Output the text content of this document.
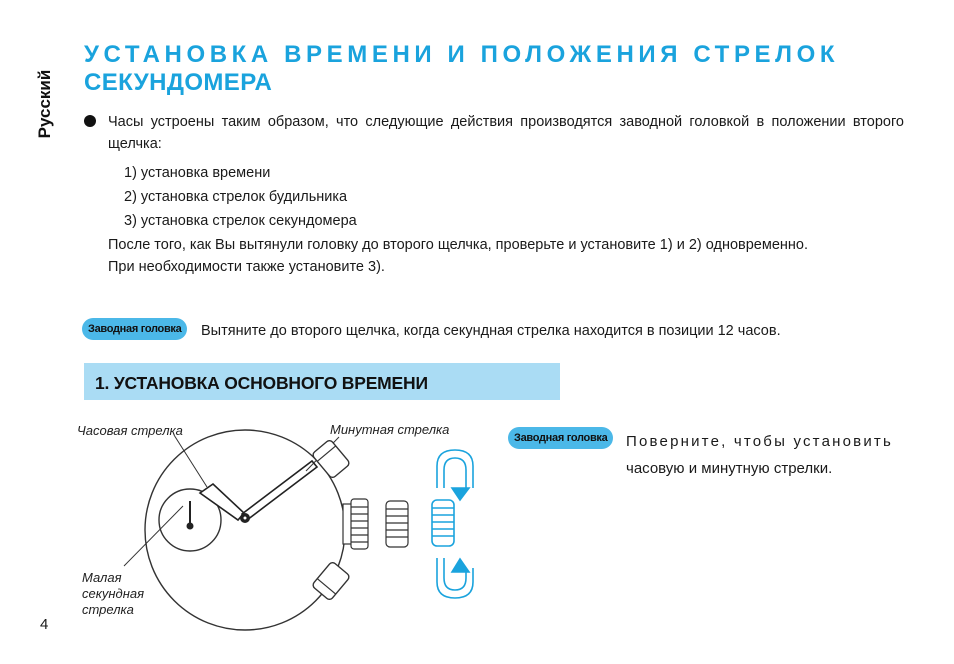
Русский
УСТАНОВКА ВРЕМЕНИ И ПОЛОЖЕНИЯ СТРЕЛОК
СЕКУНДОМЕРА
Часы устроены таким образом, что следующие действия производятся заводной головкой в положении второго щелчка:
1) установка времени
2) установка стрелок будильника
3) установка стрелок секундомера
После того, как Вы вытянули головку до второго щелчка, проверьте и установите 1) и 2) одновременно.
При необходимости также установите 3).
Заводная головка	Вытяните до второго щелчка, когда секундная стрелка находится в позиции 12 часов.
1. УСТАНОВКА ОСНОВНОГО ВРЕМЕНИ
Часовая стрелка	Минутная стрелка
Малая
секундная
стрелка
Заводная головка	Поверните, чтобы установить
часовую и минутную стрелки.
4
